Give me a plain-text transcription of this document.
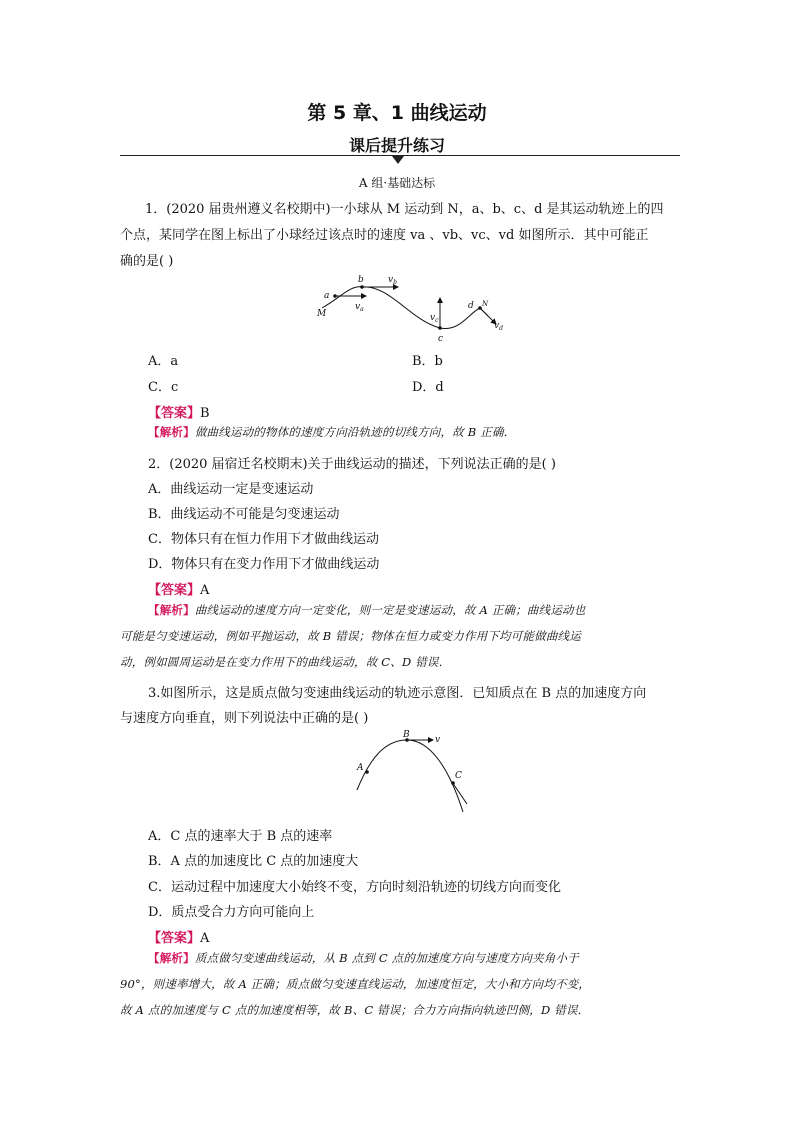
第 5 章、1 曲线运动
课后提升练习
A 组·基础达标
1．(2020 届贵州遵义名校期中)一小球从 M 运动到 N，a、b、c、d 是其运动轨迹上的四
个点，某同学在图上标出了小球经过该点时的速度 va 、vb、vc、vd 如图所示．其中可能正
确的是( )
M
a
b
c
d N
$v_a$
$v_b$
$v_c$
$v_d$
A．a	B．b
C．c	D．d
【答案】B
【解析】做曲线运动的物体的速度方向沿轨迹的切线方向，故 B 正确．
2．(2020 届宿迁名校期末)关于曲线运动的描述，下列说法正确的是( )
A．曲线运动一定是变速运动
B．曲线运动不可能是匀变速运动
C．物体只有在恒力作用下才做曲线运动
D．物体只有在变力作用下才做曲线运动
【答案】A
【解析】曲线运动的速度方向一定变化，则一定是变速运动，故 A 正确；曲线运动也
可能是匀变速运动，例如平抛运动，故 B 错误；物体在恒力或变力作用下均可能做曲线运
动，例如圆周运动是在变力作用下的曲线运动，故 C、D 错误．
3.如图所示，这是质点做匀变速曲线运动的轨迹示意图．已知质点在 B 点的加速度方向
与速度方向垂直，则下列说法中正确的是( )
A
B
C
v
A．C 点的速率大于 B 点的速率
B．A 点的加速度比 C 点的加速度大
C．运动过程中加速度大小始终不变，方向时刻沿轨迹的切线方向而变化
D．质点受合力方向可能向上
【答案】A
【解析】质点做匀变速曲线运动，从 B 点到 C 点的加速度方向与速度方向夹角小于
90°，则速率增大，故 A 正确；质点做匀变速直线运动，加速度恒定，大小和方向均不变，
故 A 点的加速度与 C 点的加速度相等，故 B、C 错误；合力方向指向轨迹凹侧，D 错误．
